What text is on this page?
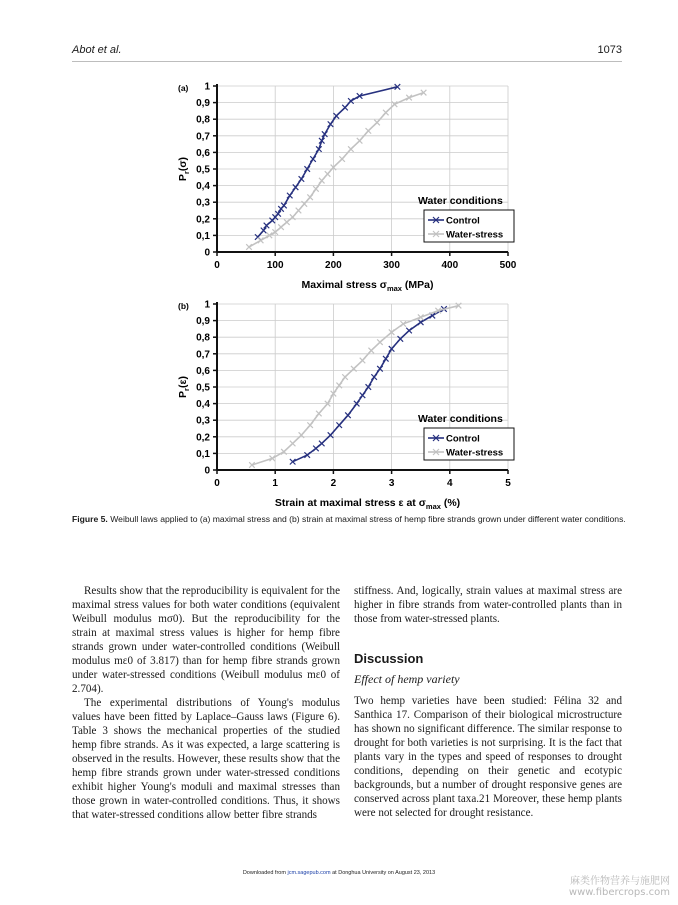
Abot et al.	1073
(a)
0
0,1
0,2
0,3
0,4
0,5
0,6
0,7
0,8
0,9
1
0	100	200	300	400	500
$P_r(\sigma)$
Maximal stress $\sigma_{max}$ (MPa)
Water conditions
Control
Water-stress
(b)
0
0,1
0,2
0,3
0,4
0,5
0,6
0,7
0,8
0,9
1
0	1	2	3	4	5
$P_r(\varepsilon)$
Strain at maximal stress ε at $\sigma_{max}$ (%)
Water conditions
Control
Water-stress
Figure 5. Weibull laws applied to (a) maximal stress and (b) strain at maximal stress of hemp fibre strands grown under different water conditions.

Results show that the reproducibility is equivalent for the maximal stress values for both water conditions (equivalent Weibull modulus mσ0). But the reproducibility for the strain at maximal stress values is higher for hemp fibre strands grown under water-controlled conditions (Weibull modulus mε0 of 3.817) than for hemp fibre strands grown under water-stressed conditions (Weibull modulus mε0 of 2.704).

The experimental distributions of Young's modulus values have been fitted by Laplace–Gauss laws (Figure 6). Table 3 shows the mechanical properties of the studied hemp fibre strands. As it was expected, a large scattering is observed in the results. However, these results show that the hemp fibre strands grown under water-stressed conditions exhibit higher Young's moduli and maximal stresses than those grown in water-controlled conditions. Thus, it shows that water-stressed conditions allow better fibre strands

stiffness. And, logically, strain values at maximal stress are higher in fibre strands from water-controlled plants than in those from water-stressed plants.

Discussion
Effect of hemp variety

Two hemp varieties have been studied: Félina 32 and Santhica 17. Comparison of their biological microstructure has shown no significant difference. The similar response to drought for both varieties is not surprising. It is the fact that plants vary in the types and speed of responses to drought conditions, depending on their genetic and ecotypic backgrounds, but a number of drought responsive genes are conserved across plant taxa.21 Moreover, these hemp plants were not selected for drought resistance.

Downloaded from jcm.sagepub.com at Donghua University on August 23, 2013
麻类作物营养与施肥网
www.fibercrops.com
